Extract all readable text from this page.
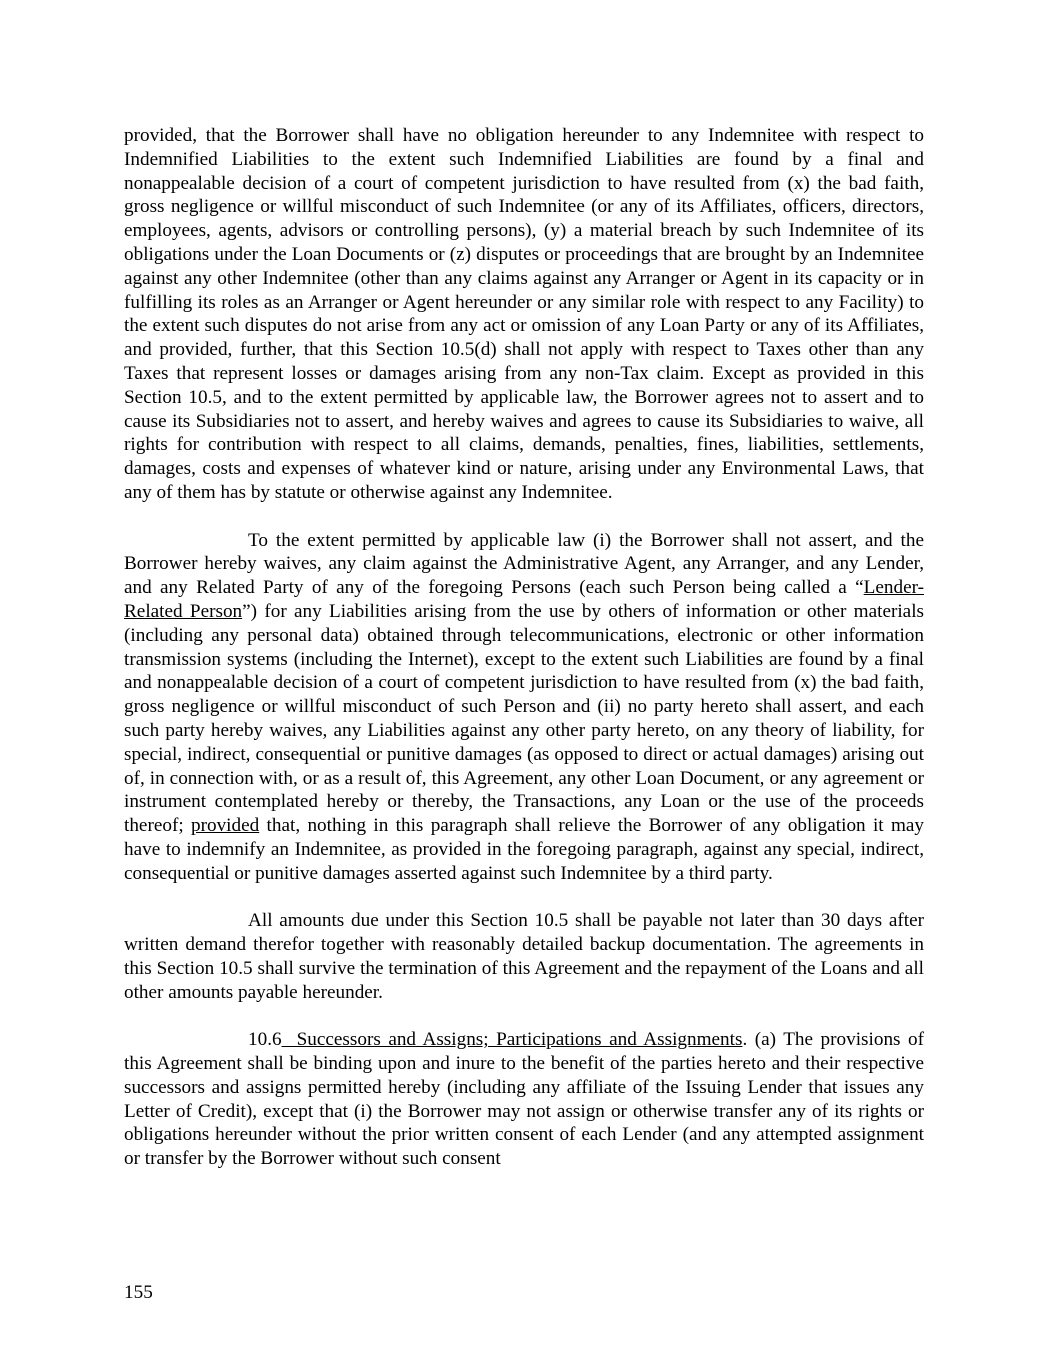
provided, that the Borrower shall have no obligation hereunder to any Indemnitee with respect to Indemnified Liabilities to the extent such Indemnified Liabilities are found by a final and nonappealable decision of a court of competent jurisdiction to have resulted from (x) the bad faith, gross negligence or willful misconduct of such Indemnitee (or any of its Affiliates, officers, directors, employees, agents, advisors or controlling persons), (y) a material breach by such Indemnitee of its obligations under the Loan Documents or (z) disputes or proceedings that are brought by an Indemnitee against any other Indemnitee (other than any claims against any Arranger or Agent in its capacity or in fulfilling its roles as an Arranger or Agent hereunder or any similar role with respect to any Facility) to the extent such disputes do not arise from any act or omission of any Loan Party or any of its Affiliates, and provided, further, that this Section 10.5(d) shall not apply with respect to Taxes other than any Taxes that represent losses or damages arising from any non-Tax claim. Except as provided in this Section 10.5, and to the extent permitted by applicable law, the Borrower agrees not to assert and to cause its Subsidiaries not to assert, and hereby waives and agrees to cause its Subsidiaries to waive, all rights for contribution with respect to all claims, demands, penalties, fines, liabilities, settlements, damages, costs and expenses of whatever kind or nature, arising under any Environmental Laws, that any of them has by statute or otherwise against any Indemnitee.

To the extent permitted by applicable law (i) the Borrower shall not assert, and the Borrower hereby waives, any claim against the Administrative Agent, any Arranger, and any Lender, and any Related Party of any of the foregoing Persons (each such Person being called a “Lender-Related Person”) for any Liabilities arising from the use by others of information or other materials (including any personal data) obtained through telecommunications, electronic or other information transmission systems (including the Internet), except to the extent such Liabilities are found by a final and nonappealable decision of a court of competent jurisdiction to have resulted from (x) the bad faith, gross negligence or willful misconduct of such Person and (ii) no party hereto shall assert, and each such party hereby waives, any Liabilities against any other party hereto, on any theory of liability, for special, indirect, consequential or punitive damages (as opposed to direct or actual damages) arising out of, in connection with, or as a result of, this Agreement, any other Loan Document, or any agreement or instrument contemplated hereby or thereby, the Transactions, any Loan or the use of the proceeds thereof; provided that, nothing in this paragraph shall relieve the Borrower of any obligation it may have to indemnify an Indemnitee, as provided in the foregoing paragraph, against any special, indirect, consequential or punitive damages asserted against such Indemnitee by a third party.

All amounts due under this Section 10.5 shall be payable not later than 30 days after written demand therefor together with reasonably detailed backup documentation. The agreements in this Section 10.5 shall survive the termination of this Agreement and the repayment of the Loans and all other amounts payable hereunder.

10.6  Successors and Assigns; Participations and Assignments. (a) The provisions of this Agreement shall be binding upon and inure to the benefit of the parties hereto and their respective successors and assigns permitted hereby (including any affiliate of the Issuing Lender that issues any Letter of Credit), except that (i) the Borrower may not assign or otherwise transfer any of its rights or obligations hereunder without the prior written consent of each Lender (and any attempted assignment or transfer by the Borrower without such consent

155
